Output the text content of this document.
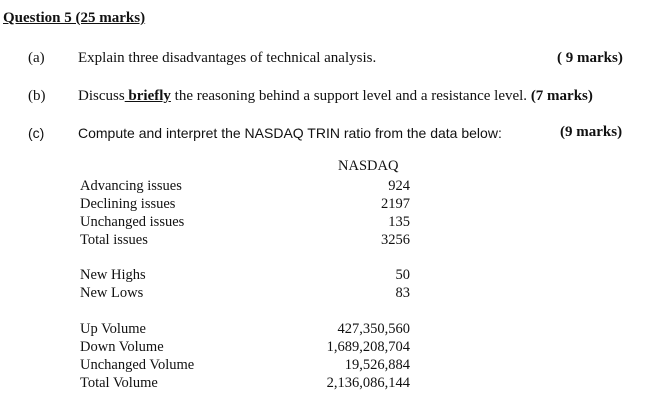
Question 5 (25 marks)
(a) Explain three disadvantages of technical analysis.	( 9 marks)
(b) Discuss briefly the reasoning behind a support level and a resistance level. (7 marks)
(c) Compute and interpret the NASDAQ TRIN ratio from the data below:	(9 marks)
NASDAQ
Advancing issues	924
Declining issues	2197
Unchanged issues	135
Total issues	3256
New Highs	50
New Lows	83
Up Volume	427,350,560
Down Volume	1,689,208,704
Unchanged Volume	19,526,884
Total Volume	2,136,086,144
